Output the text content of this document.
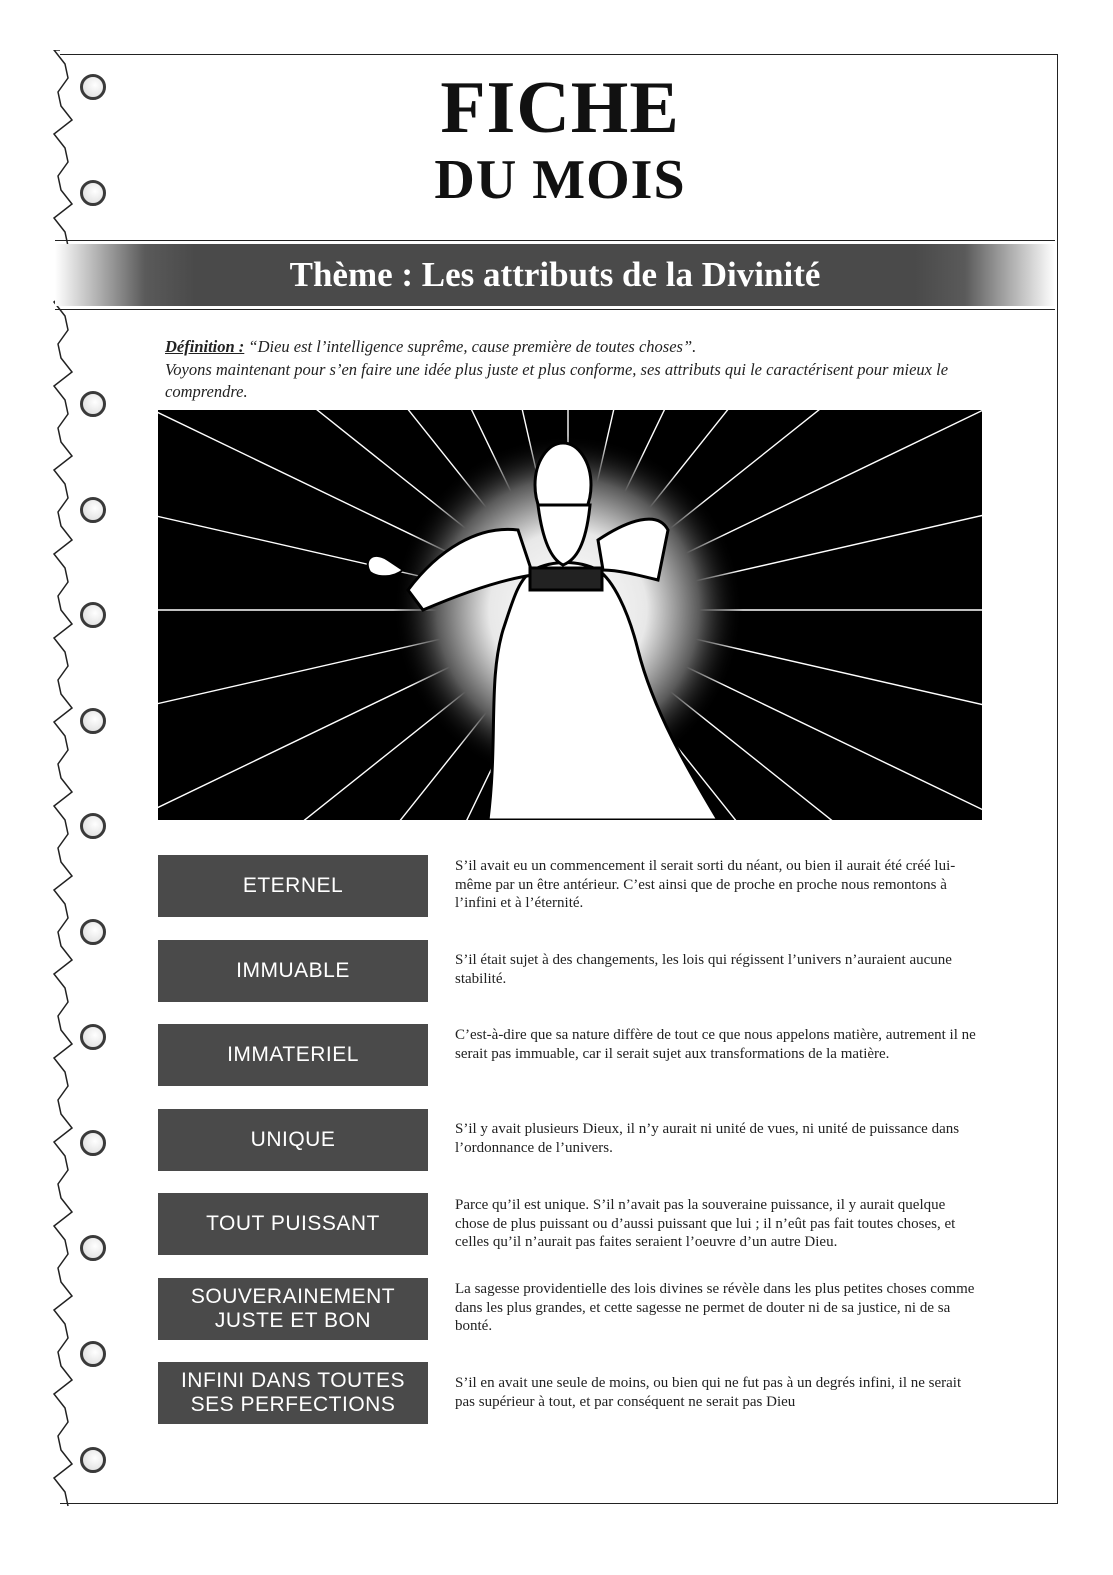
FICHE
DU MOIS
Thème : Les attributs de la Divinité
Définition : “Dieu est l’intelligence suprême, cause première de toutes choses”.
Voyons maintenant pour s’en faire une idée plus juste et plus conforme, ses attributs qui le caractérisent pour mieux le comprendre.
ETERNEL
S’il avait eu un commencement il serait sorti du néant, ou bien il aurait été créé lui-même par un être antérieur. C’est ainsi que de proche en proche nous remontons à l’infini et à l’éternité.
IMMUABLE	S’il était sujet à des changements, les lois qui régissent l’univers n’auraient aucune stabilité.
IMMATERIEL
C’est-à-dire que sa nature diffère de tout ce que nous appelons matière, autrement il ne serait pas immuable, car il serait sujet aux transformations de la matière.
UNIQUE	S’il y avait plusieurs Dieux, il n’y aurait ni unité de vues, ni unité de puissance dans l’ordonnance de l’univers.
TOUT PUISSANT
Parce qu’il est unique. S’il n’avait pas la souveraine puissance, il y aurait quelque chose de plus puissant ou d’aussi puissant que lui ; il n’eût pas fait toutes choses, et celles qu’il n’aurait pas faites seraient l’oeuvre d’un autre Dieu.
SOUVERAINEMENT
JUSTE ET BON
La sagesse providentielle des lois divines se révèle dans les plus petites choses comme dans les plus grandes, et cette sagesse ne permet de douter ni de sa justice, ni de sa bonté.
INFINI DANS TOUTES
SES PERFECTIONS
S’il en avait une seule de moins, ou bien qui ne fut pas à un degrés infini, il ne serait pas supérieur à tout, et par conséquent ne serait pas Dieu
